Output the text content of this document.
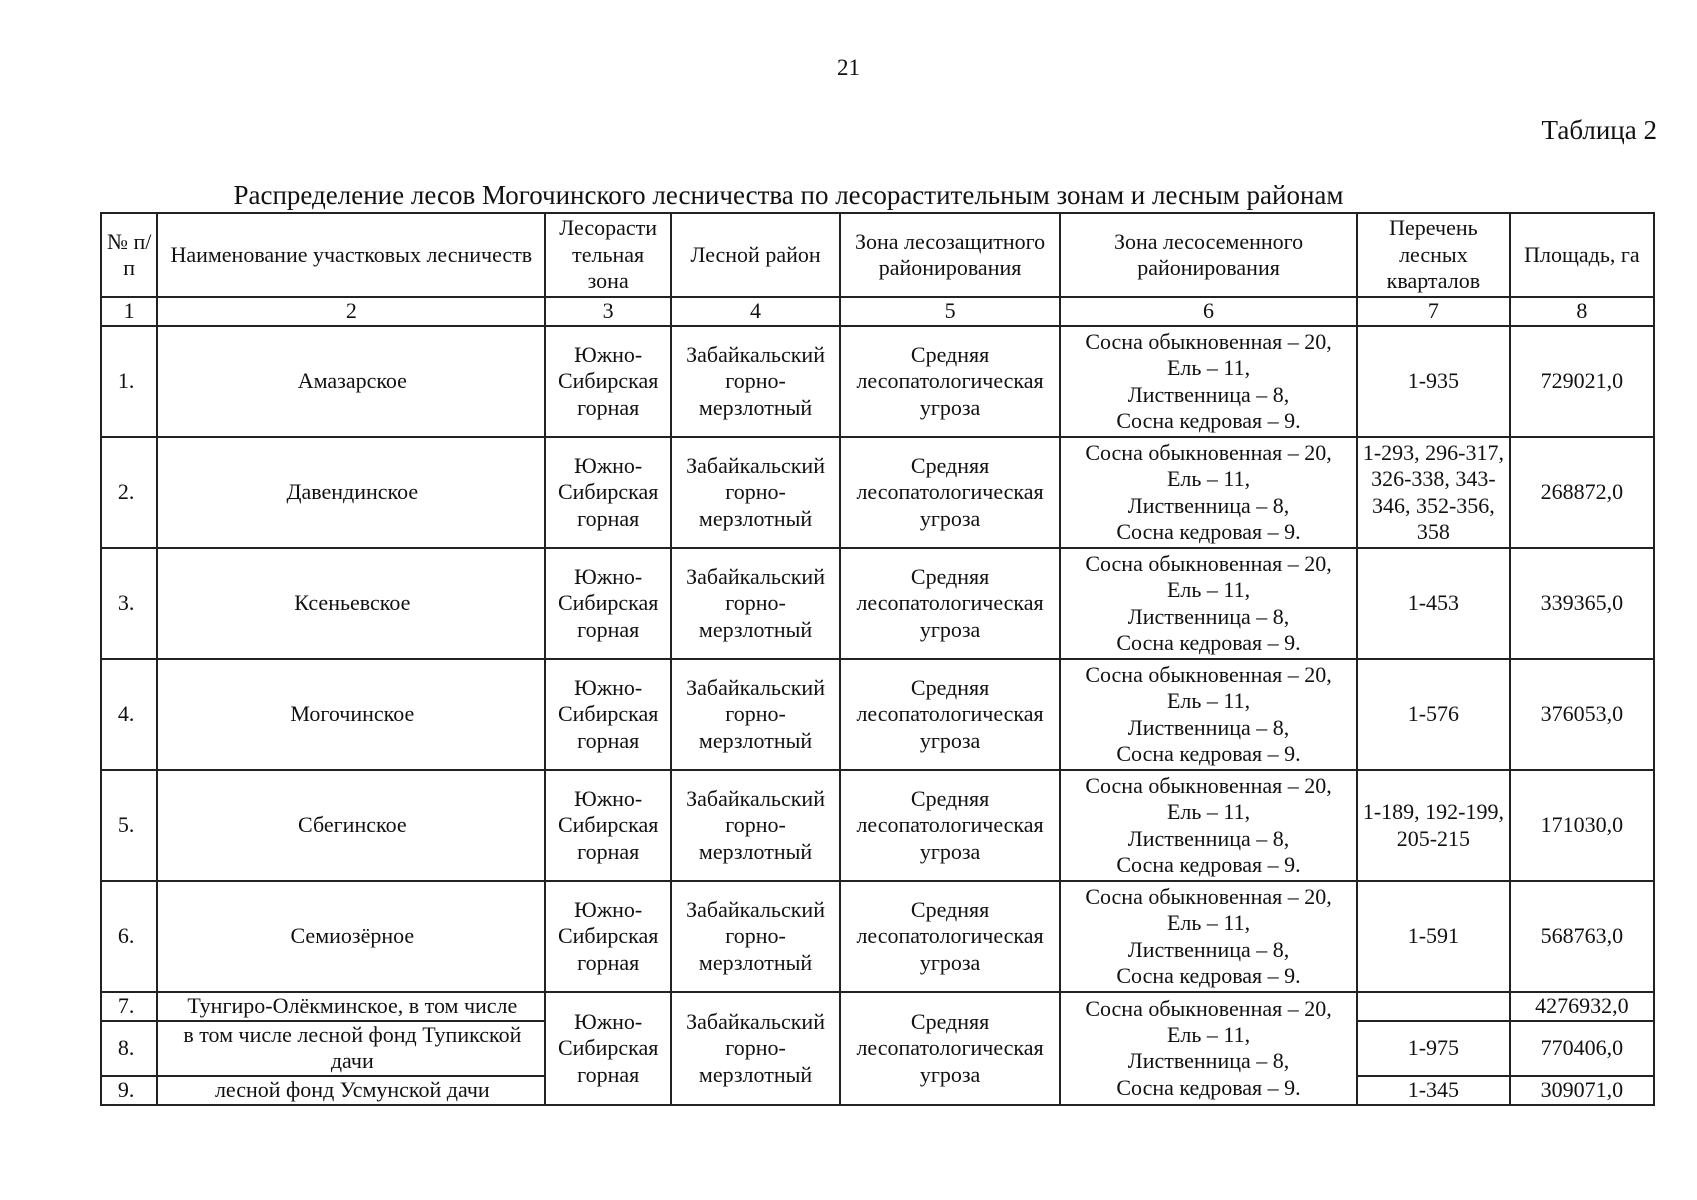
21
Таблица 2
Распределение лесов Могочинского лесничества по лесорастительным зонам и лесным районам
№ п/п	Наименование участковых лесничеств	Лесорасти тельная зона	Лесной район	Зона лесозащитного районирования	Зона лесосеменного районирования	Перечень лесных кварталов	Площадь, га
1	2	3	4	5	6	7	8
1.	Амазарское	Южно-Сибирская горная	Забайкальский горно-мерзлотный	Средняя лесопатологическая угроза	Сосна обыкновенная – 20,
Ель – 11,
Лиственница – 8,
Сосна кедровая – 9.	1-935	729021,0
2.	Давендинское	Южно-Сибирская горная	Забайкальский горно-мерзлотный	Средняя лесопатологическая угроза	Сосна обыкновенная – 20,
Ель – 11,
Лиственница – 8,
Сосна кедровая – 9.	1-293, 296-317, 326-338, 343-346, 352-356, 358	268872,0
3.	Ксеньевское	Южно-Сибирская горная	Забайкальский горно-мерзлотный	Средняя лесопатологическая угроза	Сосна обыкновенная – 20,
Ель – 11,
Лиственница – 8,
Сосна кедровая – 9.	1-453	339365,0
4.	Могочинское	Южно-Сибирская горная	Забайкальский горно-мерзлотный	Средняя лесопатологическая угроза	Сосна обыкновенная – 20,
Ель – 11,
Лиственница – 8,
Сосна кедровая – 9.	1-576	376053,0
5.	Сбегинское	Южно-Сибирская горная	Забайкальский горно-мерзлотный	Средняя лесопатологическая угроза	Сосна обыкновенная – 20,
Ель – 11,
Лиственница – 8,
Сосна кедровая – 9.	1-189, 192-199, 205-215	171030,0
6.	Семиозёрное	Южно-Сибирская горная	Забайкальский горно-мерзлотный	Средняя лесопатологическая угроза	Сосна обыкновенная – 20,
Ель – 11,
Лиственница – 8,
Сосна кедровая – 9.	1-591	568763,0
7.	Тунгиро-Олёкминское, в том числе	Южно-Сибирская горная	Забайкальский горно-мерзлотный	Средняя лесопатологическая угроза	Сосна обыкновенная – 20,
Ель – 11,
Лиственница – 8,
Сосна кедровая – 9.		4276932,0
8.	в том числе лесной фонд Тупикской дачи					1-975	770406,0
9.	лесной фонд Усмунской дачи					1-345	309071,0
